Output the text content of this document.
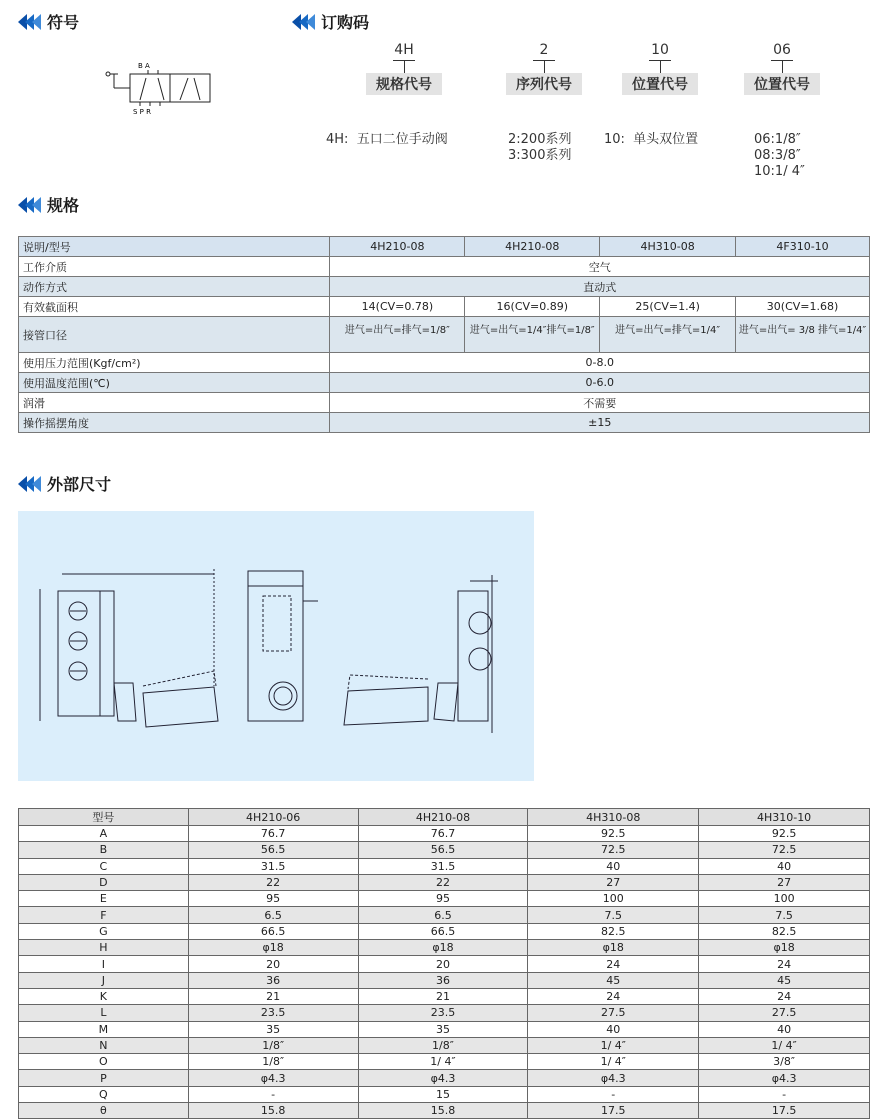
符号	订购码
规格
外部尺寸
B A
S P R
4H
规格代号
2
序列代号
10
位置代号
06
位置代号
4H:  五口二位手动阀	2:200系列
3:300系列
10:  单头双位置	06:1/8″
08:3/8″
10:1/ 4″
说明/型号	4H210-08	4H210-08	4H310-08	4F310-10
工作介质	空气			
动作方式	直动式			
有效截面积	14(CV=0.78)	16(CV=0.89)	25(CV=1.4)	30(CV=1.68)
接管口径	进气=出气=排气=1/8″	进气=出气=1/4″排气=1/8″	进气=出气=排气=1/4″	进气=出气= 3/8 排气=1/4″
使用压力范围(Kgf/cm²)	0-8.0			
使用温度范围(℃)	0-6.0			
润滑	不需要			
操作摇摆角度	±15			
型号	4H210-06	4H210-08	4H310-08	4H310-10
A	76.7	76.7	92.5	92.5
B	56.5	56.5	72.5	72.5
C	31.5	31.5	40	40
D	22	22	27	27
E	95	95	100	100
F	6.5	6.5	7.5	7.5
G	66.5	66.5	82.5	82.5
H	φ18	φ18	φ18	φ18
I	20	20	24	24
J	36	36	45	45
K	21	21	24	24
L	23.5	23.5	27.5	27.5
M	35	35	40	40
N	1/8″	1/8″	1/ 4″	1/ 4″
O	1/8″	1/ 4″	1/ 4″	3/8″
P	φ4.3	φ4.3	φ4.3	φ4.3
Q	-	15	-	-
θ	15.8	15.8	17.5	17.5
